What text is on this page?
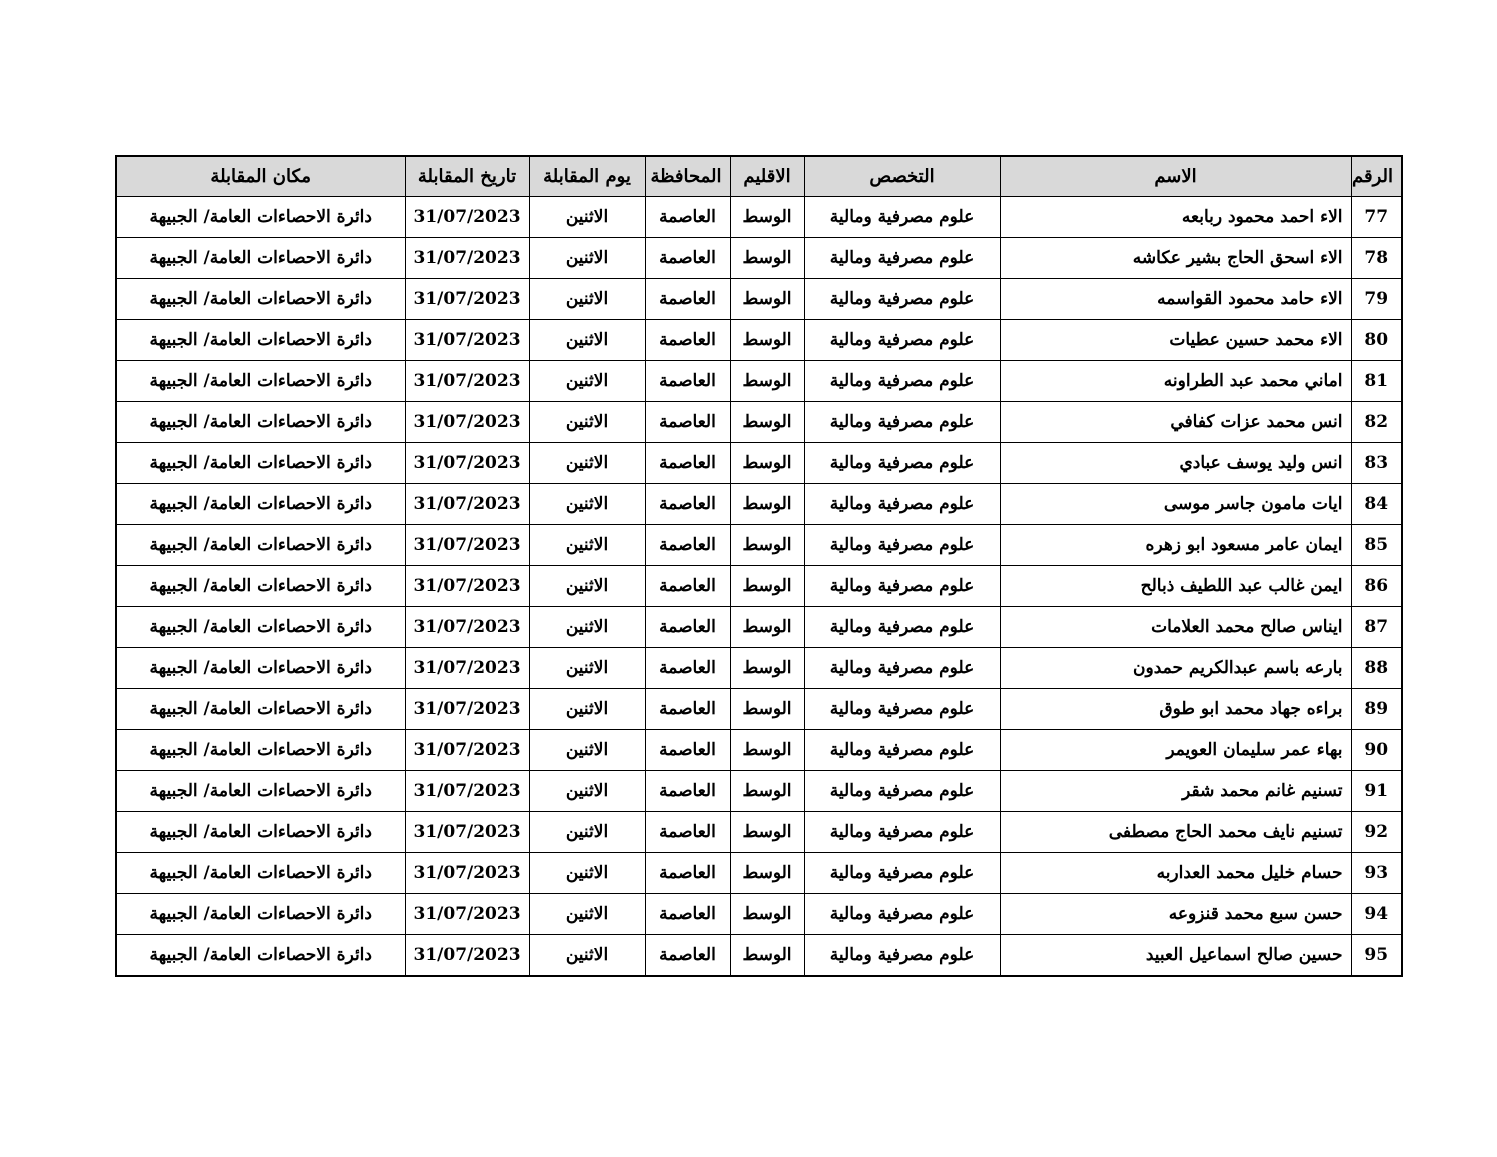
الرقم	الاسم	التخصص	الاقليم	المحافظة	يوم المقابلة	تاريخ المقابلة	مكان المقابلة
77	الاء احمد محمود ربابعه	علوم مصرفية ومالية	الوسط	العاصمة	الاثنين	31/07/2023	دائرة الاحصاءات العامة/ الجبيهة
78	الاء اسحق الحاج بشير عكاشه	علوم مصرفية ومالية	الوسط	العاصمة	الاثنين	31/07/2023	دائرة الاحصاءات العامة/ الجبيهة
79	الاء حامد محمود القواسمه	علوم مصرفية ومالية	الوسط	العاصمة	الاثنين	31/07/2023	دائرة الاحصاءات العامة/ الجبيهة
80	الاء محمد حسين عطيات	علوم مصرفية ومالية	الوسط	العاصمة	الاثنين	31/07/2023	دائرة الاحصاءات العامة/ الجبيهة
81	اماني محمد عبد الطراونه	علوم مصرفية ومالية	الوسط	العاصمة	الاثنين	31/07/2023	دائرة الاحصاءات العامة/ الجبيهة
82	انس محمد عزات كفافي	علوم مصرفية ومالية	الوسط	العاصمة	الاثنين	31/07/2023	دائرة الاحصاءات العامة/ الجبيهة
83	انس وليد يوسف عبادي	علوم مصرفية ومالية	الوسط	العاصمة	الاثنين	31/07/2023	دائرة الاحصاءات العامة/ الجبيهة
84	ايات مامون جاسر موسى	علوم مصرفية ومالية	الوسط	العاصمة	الاثنين	31/07/2023	دائرة الاحصاءات العامة/ الجبيهة
85	ايمان عامر مسعود ابو زهره	علوم مصرفية ومالية	الوسط	العاصمة	الاثنين	31/07/2023	دائرة الاحصاءات العامة/ الجبيهة
86	ايمن غالب عبد اللطيف ذبالح	علوم مصرفية ومالية	الوسط	العاصمة	الاثنين	31/07/2023	دائرة الاحصاءات العامة/ الجبيهة
87	ايناس صالح محمد العلامات	علوم مصرفية ومالية	الوسط	العاصمة	الاثنين	31/07/2023	دائرة الاحصاءات العامة/ الجبيهة
88	بارعه باسم عبدالكريم حمدون	علوم مصرفية ومالية	الوسط	العاصمة	الاثنين	31/07/2023	دائرة الاحصاءات العامة/ الجبيهة
89	براءه جهاد محمد ابو طوق	علوم مصرفية ومالية	الوسط	العاصمة	الاثنين	31/07/2023	دائرة الاحصاءات العامة/ الجبيهة
90	بهاء عمر سليمان العويمر	علوم مصرفية ومالية	الوسط	العاصمة	الاثنين	31/07/2023	دائرة الاحصاءات العامة/ الجبيهة
91	تسنيم غانم محمد شقر	علوم مصرفية ومالية	الوسط	العاصمة	الاثنين	31/07/2023	دائرة الاحصاءات العامة/ الجبيهة
92	تسنيم نايف محمد الحاج مصطفى	علوم مصرفية ومالية	الوسط	العاصمة	الاثنين	31/07/2023	دائرة الاحصاءات العامة/ الجبيهة
93	حسام خليل محمد العداربه	علوم مصرفية ومالية	الوسط	العاصمة	الاثنين	31/07/2023	دائرة الاحصاءات العامة/ الجبيهة
94	حسن سبع محمد قنزوعه	علوم مصرفية ومالية	الوسط	العاصمة	الاثنين	31/07/2023	دائرة الاحصاءات العامة/ الجبيهة
95	حسين صالح اسماعيل العبيد	علوم مصرفية ومالية	الوسط	العاصمة	الاثنين	31/07/2023	دائرة الاحصاءات العامة/ الجبيهة
